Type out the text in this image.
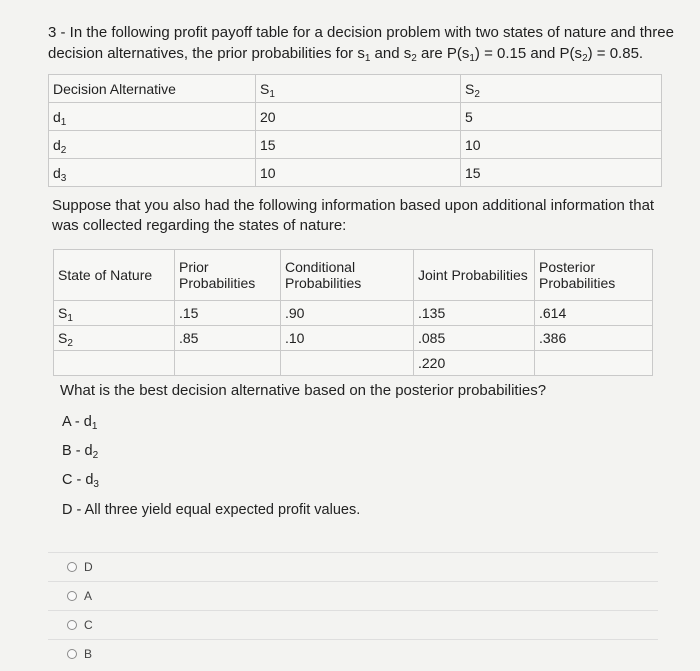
3 - In the following profit payoff table for a decision problem with two states of nature and three decision alternatives, the prior probabilities for $s_1$ and $s_2$ are $P(s_1) = 0.15$ and $P(s_2) = 0.85$.
Decision Alternative	$S_1$	$S_2$
$d_1$	20	5
$d_2$	15	10
$d_3$	10	15
Suppose that you also had the following information based upon additional information that was collected regarding the states of nature:
State of Nature	Prior Probabilities	Conditional Probabilities	Joint Probabilities	Posterior Probabilities
$S_1$	.15	.90	.135	.614
$S_2$	.85	.10	.085	.386
			.220	
What is the best decision alternative based on the posterior probabilities?
A - $d_1$
B - $d_2$
C - $d_3$
D - All three yield equal expected profit values.
D
A
C
B
